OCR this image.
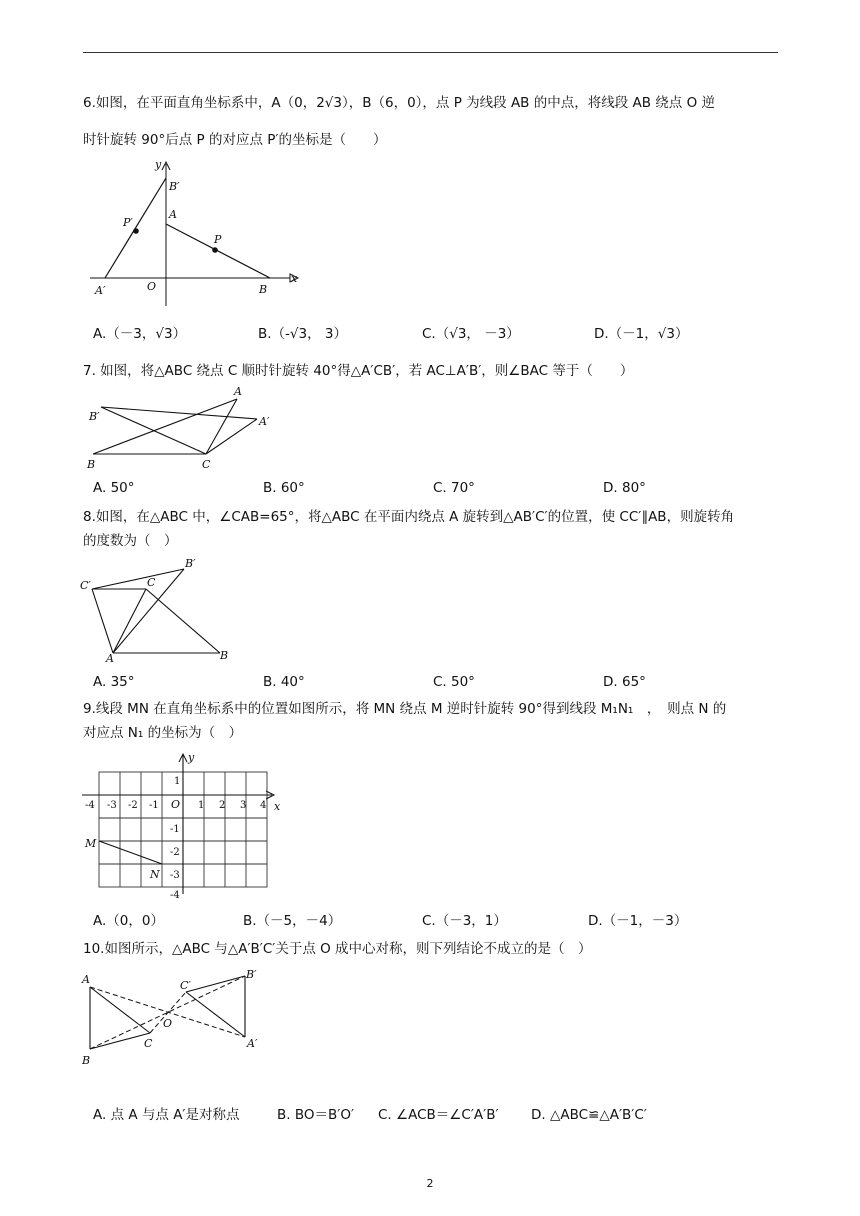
6.如图，在平面直角坐标系中，A（0，2√3），B（6，0），点 P 为线段 AB 的中点，将线段 AB 绕点 O 逆
时针旋转 90°后点 P 的对应点 P′的坐标是（　　）
y
B′
A
P′
P
x
A′	O	B
A.（－3，√3）	B.（-√3， 3）	C.（√3， －3）	D.（－1，√3）
7. 如图，将△ABC 绕点 C 顺时针旋转 40°得△A′CB′，若 AC⊥A′B′，则∠BAC 等于（　　）
A
B′	A′
B	C
A. 50°	B. 60°	C. 70°	D. 80°
8.如图，在△ABC 中，∠CAB=65°，将△ABC 在平面内绕点 A 旋转到△AB′C′的位置，使 CC′∥AB，则旋转角
的度数为（　）
C′	C
B′
A	B
A. 35°	B. 40°	C. 50°	D. 65°
9.线段 MN 在直角坐标系中的位置如图所示，将 MN 绕点 M 逆时针旋转 90°得到线段 M₁N₁　，　则点 N 的
对应点 N₁ 的坐标为（　）
y
1
-4 -3 -2 -1 O 1 2 3 4 x
-1
-2
-3
-4
M
N
A.（0，0）	B.（－5，－4）	C.（－3，1）	D.（－1，－3）
10.如图所示，△ABC 与△A′B′C′关于点 O 成中心对称，则下列结论不成立的是（　）
A	C′
B′
O
C	A′
B
A. 点 A 与点 A′是对称点	B. BO＝B′O′ C. ∠ACB＝∠C′A′B′ D. △ABC≌△A′B′C′
2
